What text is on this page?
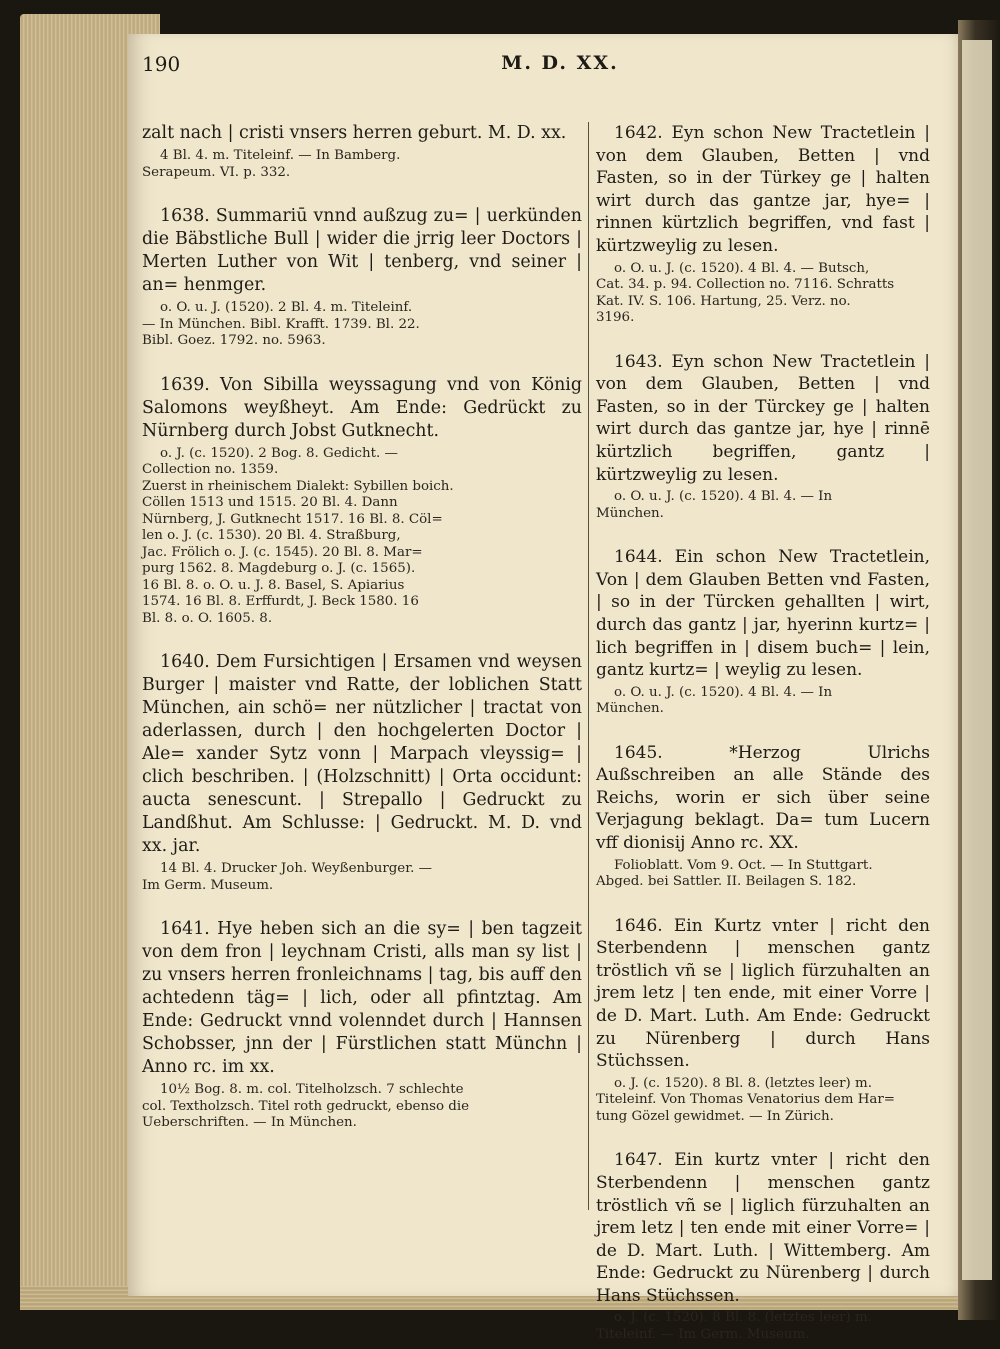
190	M. D. XX.

zalt nach | cristi vnsers herren geburt. M. D. xx.

4 Bl. 4. m. Titeleinf. — In Bamberg.
Serapeum. VI. p. 332.

1638. Summariū vnnd außzug zu= | uerkünden die Bäbstliche Bull | wider die jrrig leer Doctors | Merten Luther von Wit | tenberg, vnd seiner | an= henmger.

o. O. u. J. (1520). 2 Bl. 4. m. Titeleinf.
— In München. Bibl. Krafft. 1739. Bl. 22.
Bibl. Goez. 1792. no. 5963.

1639. Von Sibilla weyssagung vnd von König Salomons weyßheyt. Am Ende: Gedrückt zu Nürnberg durch Jobst Gutknecht.

o. J. (c. 1520). 2 Bog. 8. Gedicht. —
Collection no. 1359.
Zuerst in rheinischem Dialekt: Sybillen boich.
Cöllen 1513 und 1515. 20 Bl. 4. Dann
Nürnberg, J. Gutknecht 1517. 16 Bl. 8. Cöl=
len o. J. (c. 1530). 20 Bl. 4. Straßburg,
Jac. Frölich o. J. (c. 1545). 20 Bl. 8. Mar=
purg 1562. 8. Magdeburg o. J. (c. 1565).
16 Bl. 8. o. O. u. J. 8. Basel, S. Apiarius
1574. 16 Bl. 8. Erffurdt, J. Beck 1580. 16
Bl. 8. o. O. 1605. 8.

1640. Dem Fursichtigen | Ersamen vnd weysen Burger | maister vnd Ratte, der loblichen Statt München, ain schö= ner nützlicher | tractat von aderlassen, durch | den hochgelerten Doctor | Ale= xander Sytz vonn | Marpach vleyssig= | clich beschriben. | (Holzschnitt) | Orta occidunt: aucta senescunt. | Strepallo | Gedruckt zu Landßhut. Am Schlusse: | Gedruckt. M. D. vnd xx. jar.

14 Bl. 4. Drucker Joh. Weyßenburger. —
Im Germ. Museum.

1641. Hye heben sich an die sy= | ben tagzeit von dem fron | leychnam Cristi, alls man sy list | zu vnsers herren fronleichnams | tag, bis auff den achtedenn täg= | lich, oder all pfintztag. Am Ende: Gedruckt vnnd volenndet durch | Hannsen Schobsser, jnn der | Fürstlichen statt Münchn | Anno rc. im xx.

10½ Bog. 8. m. col. Titelholzsch. 7 schlechte
col. Textholzsch. Titel roth gedruckt, ebenso die
Ueberschriften. — In München.

1642. Eyn schon New Tractetlein | von dem Glauben, Betten | vnd Fasten, so in der Türkey ge | halten wirt durch das gantze jar, hye= | rinnen kürtzlich begriffen, vnd fast | kürtzweylig zu lesen.

o. O. u. J. (c. 1520). 4 Bl. 4. — Butsch,
Cat. 34. p. 94. Collection no. 7116. Schratts
Kat. IV. S. 106. Hartung, 25. Verz. no.
3196.

1643. Eyn schon New Tractetlein | von dem Glauben, Betten | vnd Fasten, so in der Türckey ge | halten wirt durch das gantze jar, hye | rinnē kürtzlich begriffen, gantz | kürtzweylig zu lesen.

o. O. u. J. (c. 1520). 4 Bl. 4. — In
München.

1644. Ein schon New Tractetlein, Von | dem Glauben Betten vnd Fasten, | so in der Türcken gehallten | wirt, durch das gantz | jar, hyerinn kurtz= | lich begriffen in | disem buch= | lein, gantz kurtz= | weylig zu lesen.

o. O. u. J. (c. 1520). 4 Bl. 4. — In
München.

1645. *Herzog Ulrichs Außschreiben an alle Stände des Reichs, worin er sich über seine Verjagung beklagt. Da= tum Lucern vff dionisij Anno rc. XX.

Folioblatt. Vom 9. Oct. — In Stuttgart.
Abged. bei Sattler. II. Beilagen S. 182.

1646. Ein Kurtz vnter | richt den Sterbendenn | menschen gantz tröstlich vñ se | liglich fürzuhalten an jrem letz | ten ende, mit einer Vorre | de D. Mart. Luth. Am Ende: Gedruckt zu Nürenberg | durch Hans Stüchssen.

o. J. (c. 1520). 8 Bl. 8. (letztes leer) m.
Titeleinf. Von Thomas Venatorius dem Har=
tung Gözel gewidmet. — In Zürich.

1647. Ein kurtz vnter | richt den Sterbendenn | menschen gantz tröstlich vñ se | liglich fürzuhalten an jrem letz | ten ende mit einer Vorre= | de D. Mart. Luth. | Wittemberg. Am Ende: Gedruckt zu Nürenberg | durch Hans Stüchssen.

o. J. (c. 1520). 8 Bl. 8. (letztes leer) m.
Titeleinf. — Im Germ. Museum.
